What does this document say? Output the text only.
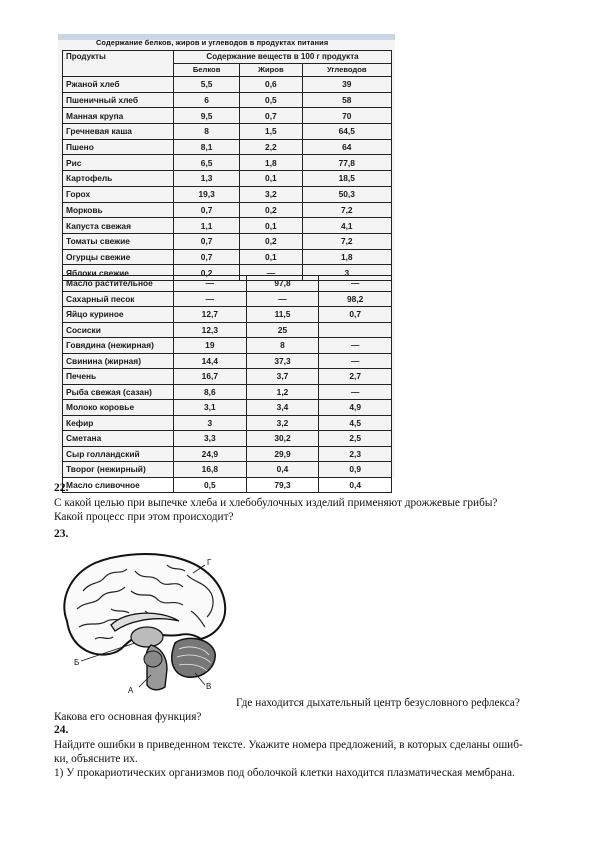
Содержание белков, жиров и углеводов в продуктах питания
Продукты	Содержание веществ в 100 г продукта		
	Белков	Жиров	Углеводов
Ржаной хлеб	5,5	0,6	39
Пшеничный хлеб	6	0,5	58
Манная крупа	9,5	0,7	70
Гречневая каша	8	1,5	64,5
Пшено	8,1	2,2	64
Рис	6,5	1,8	77,8
Картофель	1,3	0,1	18,5
Горох	19,3	3,2	50,3
Морковь	0,7	0,2	7,2
Капуста свежая	1,1	0,1	4,1
Томаты свежие	0,7	0,2	7,2
Огурцы свежие	0,7	0,1	1,8
Яблоки свежие	0,2	—	3
Масло растительное	—	97,8	—
Сахарный песок	—	—	98,2
Яйцо куриное	12,7	11,5	0,7
Сосиски	12,3	25	
Говядина (нежирная)	19	8	—
Свинина (жирная)	14,4	37,3	—
Печень	16,7	3,7	2,7
Рыба свежая (сазан)	8,6	1,2	—
Молоко коровье	3,1	3,4	4,9
Кефир	3	3,2	4,5
Сметана	3,3	30,2	2,5
Сыр голландский	24,9	29,9	2,3
Творог (нежирный)	16,8	0,4	0,9
Масло сливочное	0,5	79,3	0,4
22.
С какой целью при выпечке хлеба и хлебобулочных изделий применяют дрожжевые грибы?
Какой процесс при этом происходит?
23.
Г
Б
А	В
Где находится дыхательный центр безусловного рефлекса?
Какова его основная функция?
24.
Найдите ошибки в приведенном тексте. Укажите номера предложений, в которых сделаны ошиб-
ки, объясните их.
1) У прокариотических организмов под оболочкой клетки находится плазматическая мембрана.
